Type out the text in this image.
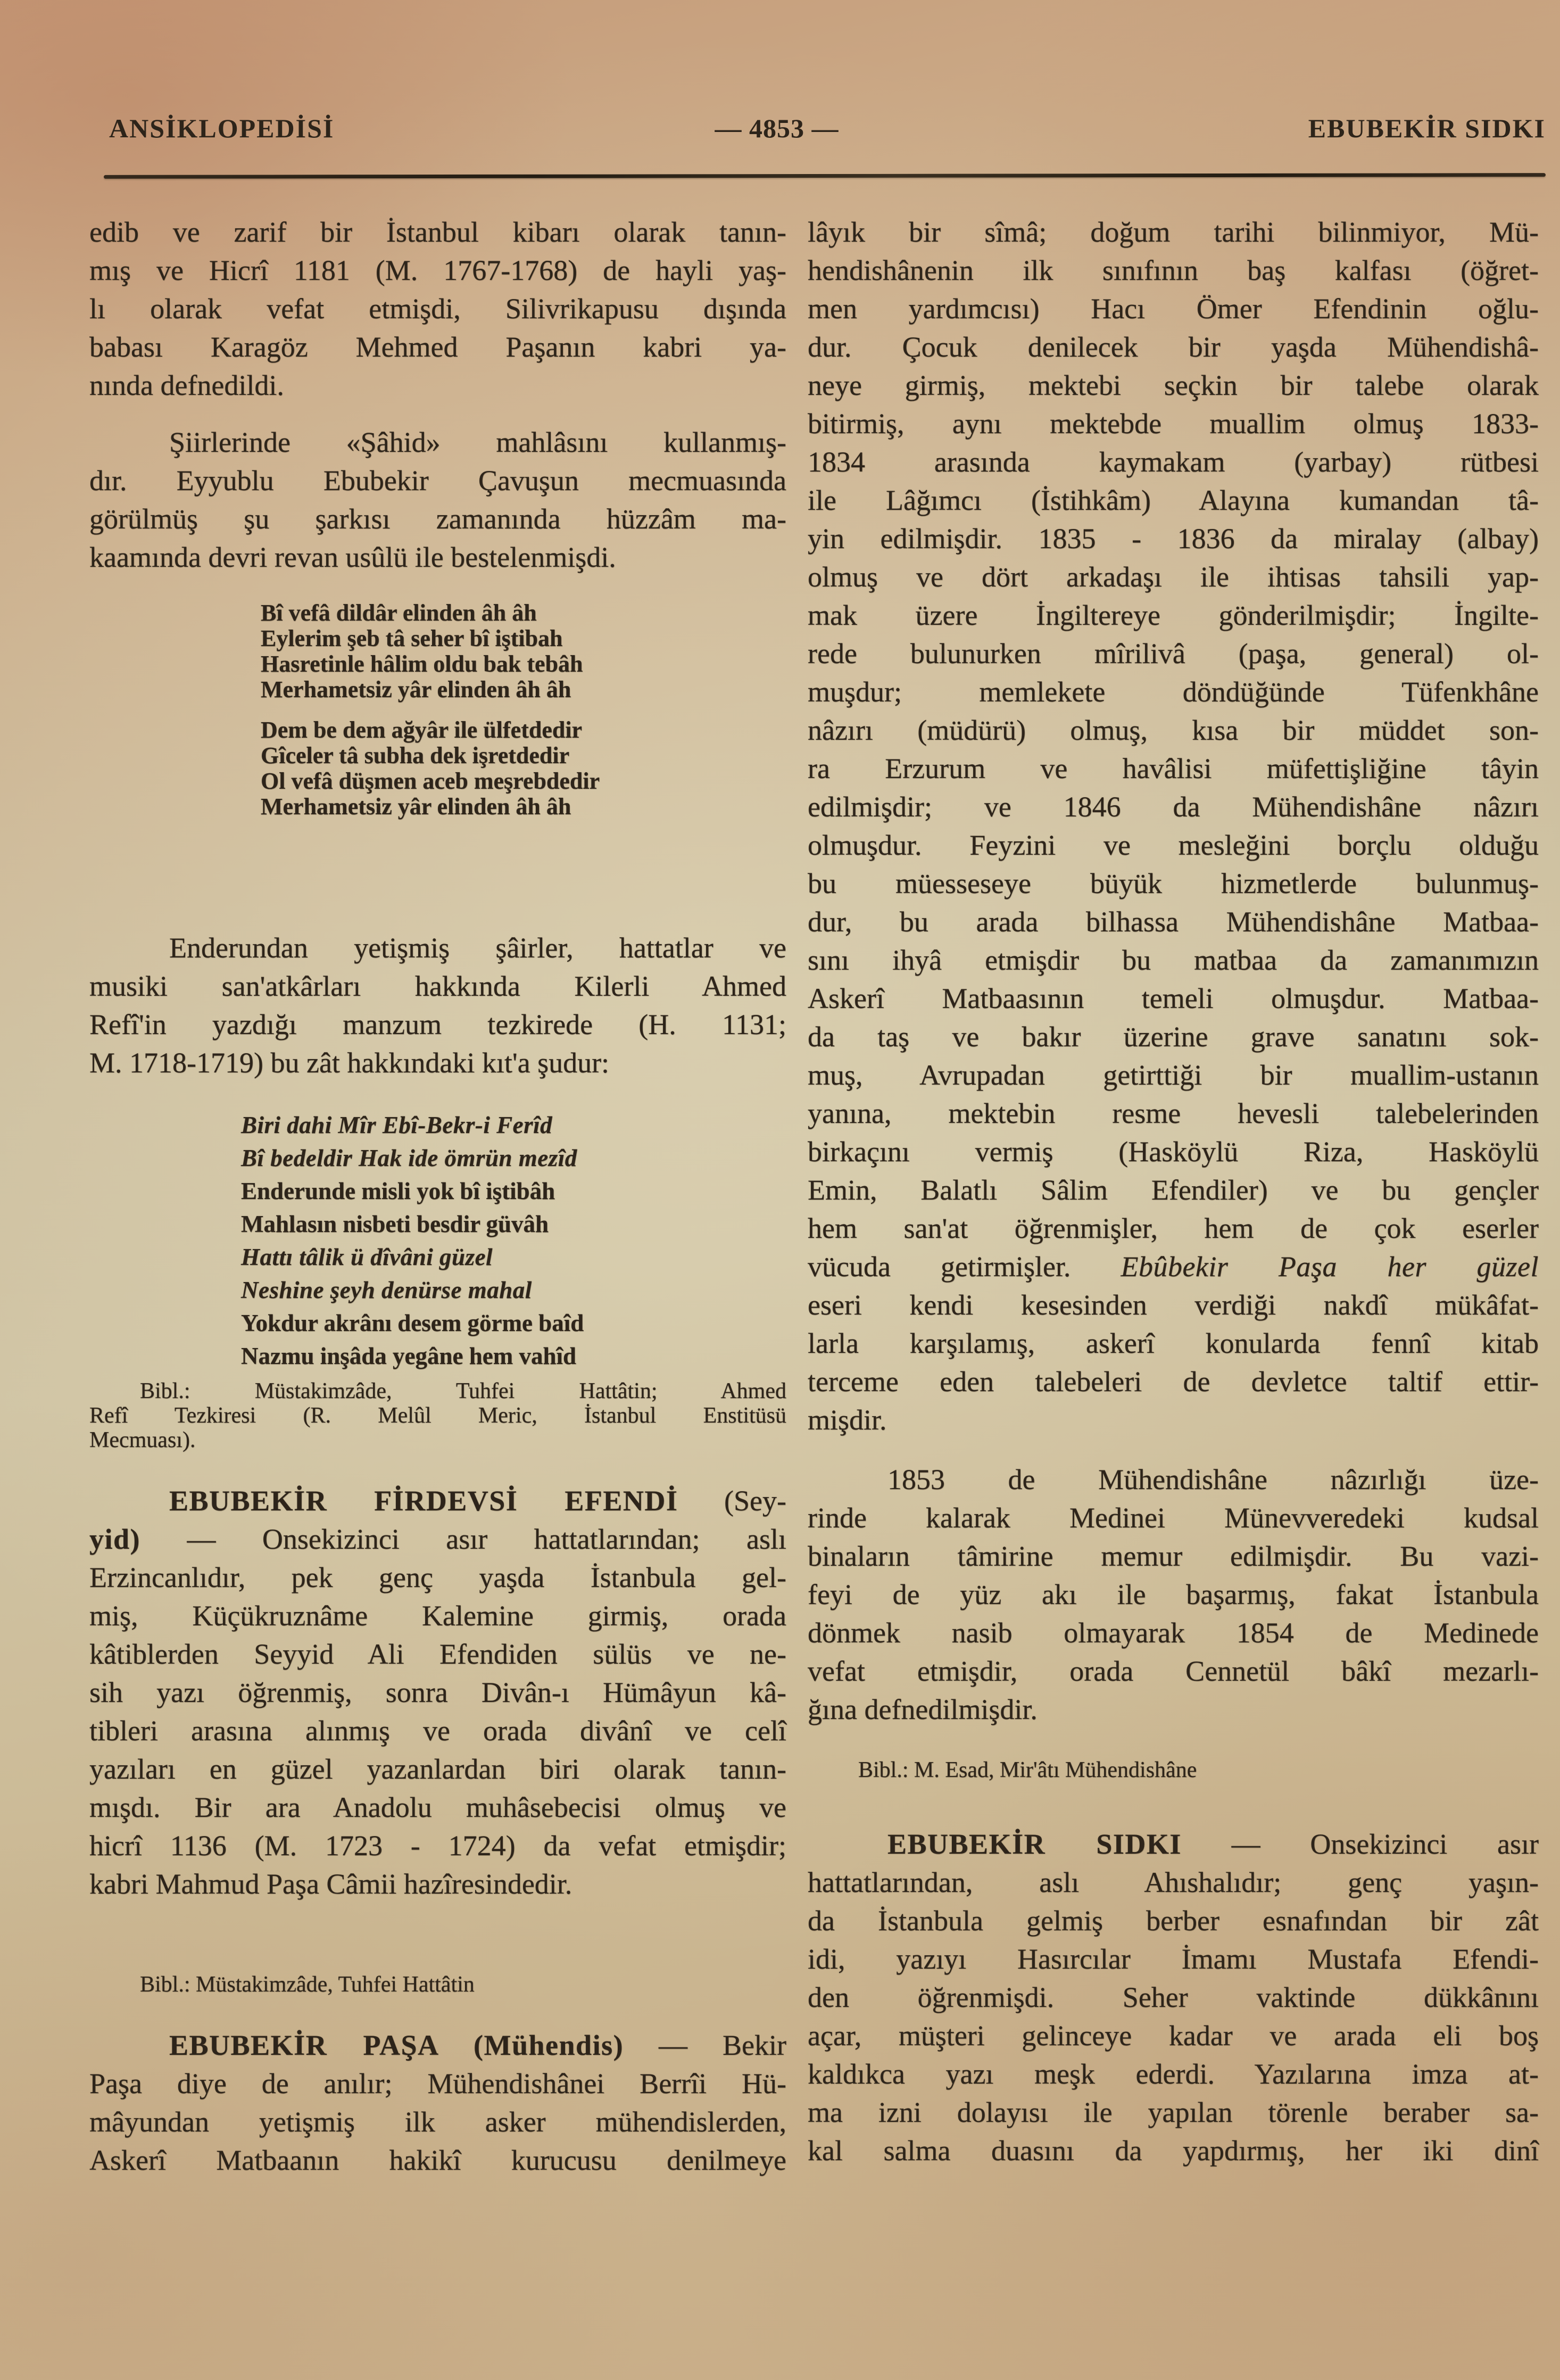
ANSİKLOPEDİSİ	— 4853 —	EBUBEKİR SIDKI
edib ve zarif bir İstanbul kibarı olarak tanın-
mış ve Hicrî 1181 (M. 1767-1768) de hayli yaş-
lı olarak vefat etmişdi, Silivrikapusu dışında
babası Karagöz Mehmed Paşanın kabri ya-
nında defnedildi.
Şiirlerinde «Şâhid» mahlâsını kullanmış-
dır. Eyyublu Ebubekir Çavuşun mecmuasında
görülmüş şu şarkısı zamanında hüzzâm ma-
kaamında devri revan usûlü ile bestelenmişdi.
Bî vefâ dildâr elinden âh âh
Eylerim şeb tâ seher bî iştibah
Hasretinle hâlim oldu bak tebâh
Merhametsiz yâr elinden âh âh
Dem be dem ağyâr ile ülfetdedir
Gîceler tâ subha dek işretdedir
Ol vefâ düşmen aceb meşrebdedir
Merhametsiz yâr elinden âh âh
Enderundan yetişmiş şâirler, hattatlar ve
musiki san'atkârları hakkında Kilerli Ahmed
Refî'in yazdığı manzum tezkirede (H. 1131;
M. 1718-1719) bu zât hakkındaki kıt'a şudur:
Biri dahi Mîr Ebî-Bekr-i Ferîd
Bî bedeldir Hak ide ömrün mezîd
Enderunde misli yok bî iştibâh
Mahlasın nisbeti besdir güvâh
Hattı tâlik ü dîvâni güzel
Neshine şeyh denürse mahal
Yokdur akrânı desem görme baîd
Nazmu inşâda yegâne hem vahîd
Bibl.: Müstakimzâde, Tuhfei Hattâtin; Ahmed
Refî Tezkiresi (R. Melûl Meric, İstanbul Enstitüsü
Mecmuası).
EBUBEKİR FİRDEVSİ EFENDİ (Sey-
yid) — Onsekizinci asır hattatlarından; aslı
Erzincanlıdır, pek genç yaşda İstanbula gel-
miş, Küçükruznâme Kalemine girmiş, orada
kâtiblerden Seyyid Ali Efendiden sülüs ve ne-
sih yazı öğrenmiş, sonra Divân-ı Hümâyun kâ-
tibleri arasına alınmış ve orada divânî ve celî
yazıları en güzel yazanlardan biri olarak tanın-
mışdı. Bir ara Anadolu muhâsebecisi olmuş ve
hicrî 1136 (M. 1723 - 1724) da vefat etmişdir;
kabri Mahmud Paşa Câmii hazîresindedir.
Bibl.: Müstakimzâde, Tuhfei Hattâtin
EBUBEKİR PAŞA (Mühendis) — Bekir
Paşa diye de anılır; Mühendishânei Berrîi Hü-
mâyundan yetişmiş ilk asker mühendislerden,
Askerî Matbaanın hakikî kurucusu denilmeye
lâyık bir sîmâ; doğum tarihi bilinmiyor, Mü-
hendishânenin ilk sınıfının baş kalfası (öğret-
men yardımcısı) Hacı Ömer Efendinin oğlu-
dur. Çocuk denilecek bir yaşda Mühendishâ-
neye girmiş, mektebi seçkin bir talebe olarak
bitirmiş, aynı mektebde muallim olmuş 1833-
1834 arasında kaymakam (yarbay) rütbesi
ile Lâğımcı (İstihkâm) Alayına kumandan tâ-
yin edilmişdir. 1835 - 1836 da miralay (albay)
olmuş ve dört arkadaşı ile ihtisas tahsili yap-
mak üzere İngiltereye gönderilmişdir; İngilte-
rede bulunurken mîrilivâ (paşa, general) ol-
muşdur; memlekete döndüğünde Tüfenkhâne
nâzırı (müdürü) olmuş, kısa bir müddet son-
ra Erzurum ve havâlisi müfettişliğine tâyin
edilmişdir; ve 1846 da Mühendishâne nâzırı
olmuşdur. Feyzini ve mesleğini borçlu olduğu
bu müesseseye büyük hizmetlerde bulunmuş-
dur, bu arada bilhassa Mühendishâne Matbaa-
sını ihyâ etmişdir bu matbaa da zamanımızın
Askerî Matbaasının temeli olmuşdur. Matbaa-
da taş ve bakır üzerine grave sanatını sok-
muş, Avrupadan getirttiği bir muallim-ustanın
yanına, mektebin resme hevesli talebelerinden
birkaçını vermiş (Hasköylü Riza, Hasköylü
Emin, Balatlı Sâlim Efendiler) ve bu gençler
hem san'at öğrenmişler, hem de çok eserler
vücuda getirmişler. Ebûbekir Paşa her güzel
eseri kendi kesesinden verdiği nakdî mükâfat-
larla karşılamış, askerî konularda fennî kitab
terceme eden talebeleri de devletce taltif ettir-
mişdir.
1853 de Mühendishâne nâzırlığı üze-
rinde kalarak Medinei Münevveredeki kudsal
binaların tâmirine memur edilmişdir. Bu vazi-
feyi de yüz akı ile başarmış, fakat İstanbula
dönmek nasib olmayarak 1854 de Medinede
vefat etmişdir, orada Cennetül bâkî mezarlı-
ğına defnedilmişdir.
Bibl.: M. Esad, Mir'âtı Mühendishâne
EBUBEKİR SIDKI — Onsekizinci asır
hattatlarından, aslı Ahıshalıdır; genç yaşın-
da İstanbula gelmiş berber esnafından bir zât
idi, yazıyı Hasırcılar İmamı Mustafa Efendi-
den öğrenmişdi. Seher vaktinde dükkânını
açar, müşteri gelinceye kadar ve arada eli boş
kaldıkca yazı meşk ederdi. Yazılarına imza at-
ma izni dolayısı ile yapılan törenle beraber sa-
kal salma duasını da yapdırmış, her iki dinî
